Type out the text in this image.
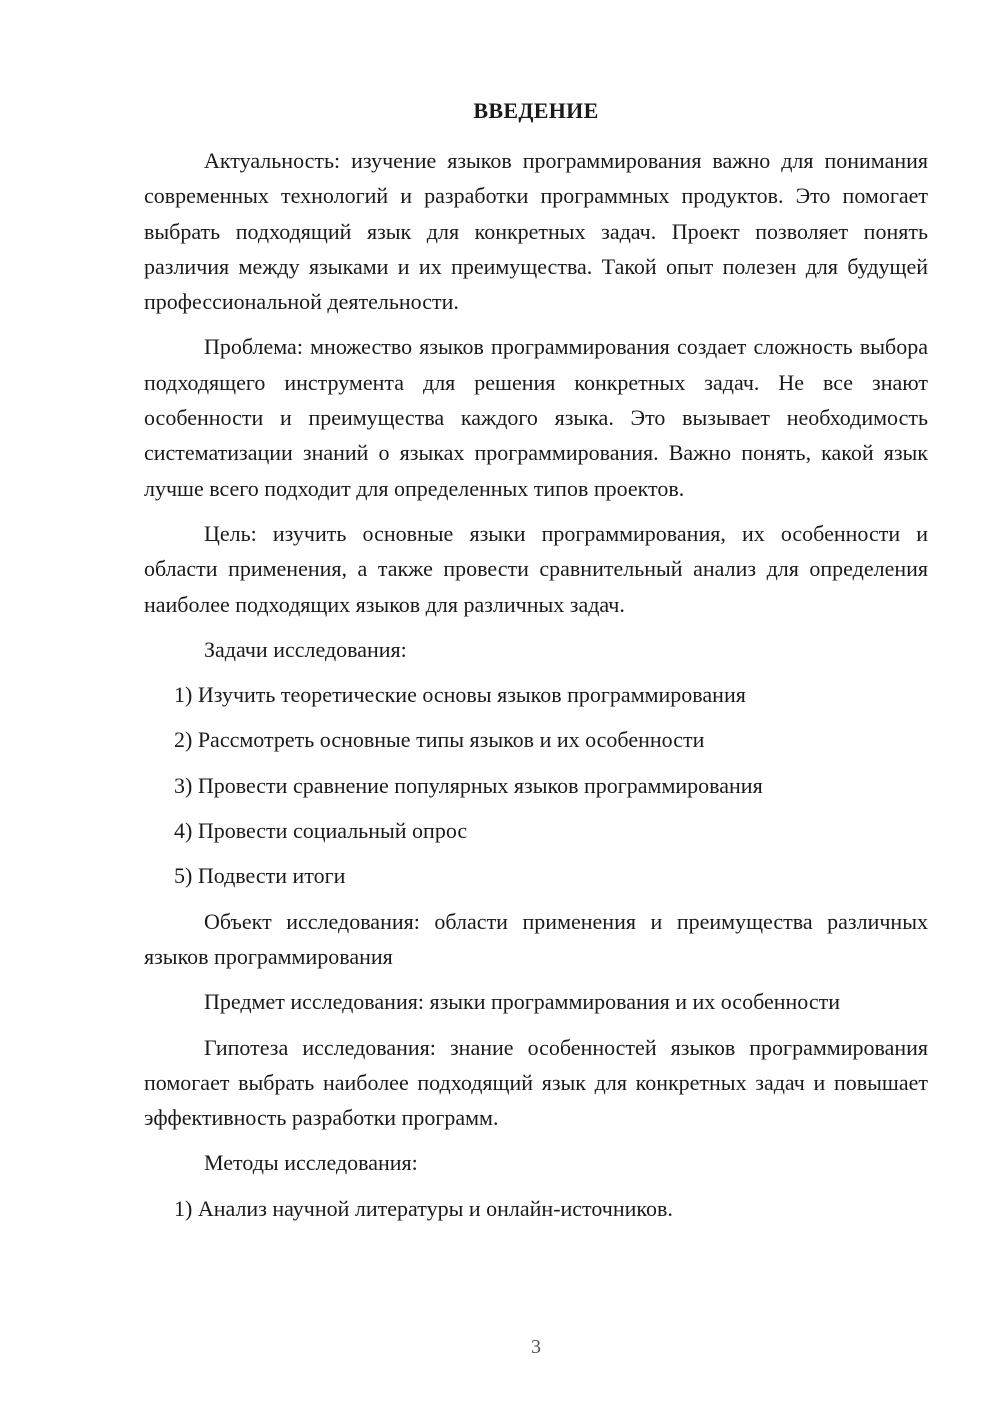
ВВЕДЕНИЕ

Актуальность: изучение языков программирования важно для понимания современных технологий и разработки программных продуктов. Это помогает выбрать подходящий язык для конкретных задач. Проект позволяет понять различия между языками и их преимущества. Такой опыт полезен для будущей профессиональной деятельности.

Проблема: множество языков программирования создает сложность выбора подходящего инструмента для решения конкретных задач. Не все знают особенности и преимущества каждого языка. Это вызывает необходимость систематизации знаний о языках программирования. Важно понять, какой язык лучше всего подходит для определенных типов проектов.

Цель: изучить основные языки программирования, их особенности и области применения, а также провести сравнительный анализ для определения наиболее подходящих языков для различных задач.

Задачи исследования:

1) Изучить теоретические основы языков программирования
2) Рассмотреть основные типы языков и их особенности
3) Провести сравнение популярных языков программирования
4) Провести социальный опрос
5) Подвести итоги

Объект исследования: области применения и преимущества различных языков программирования

Предмет исследования: языки программирования и их особенности

Гипотеза исследования: знание особенностей языков программирования помогает выбрать наиболее подходящий язык для конкретных задач и повышает эффективность разработки программ.

Методы исследования:

1) Анализ научной литературы и онлайн-источников.
3
